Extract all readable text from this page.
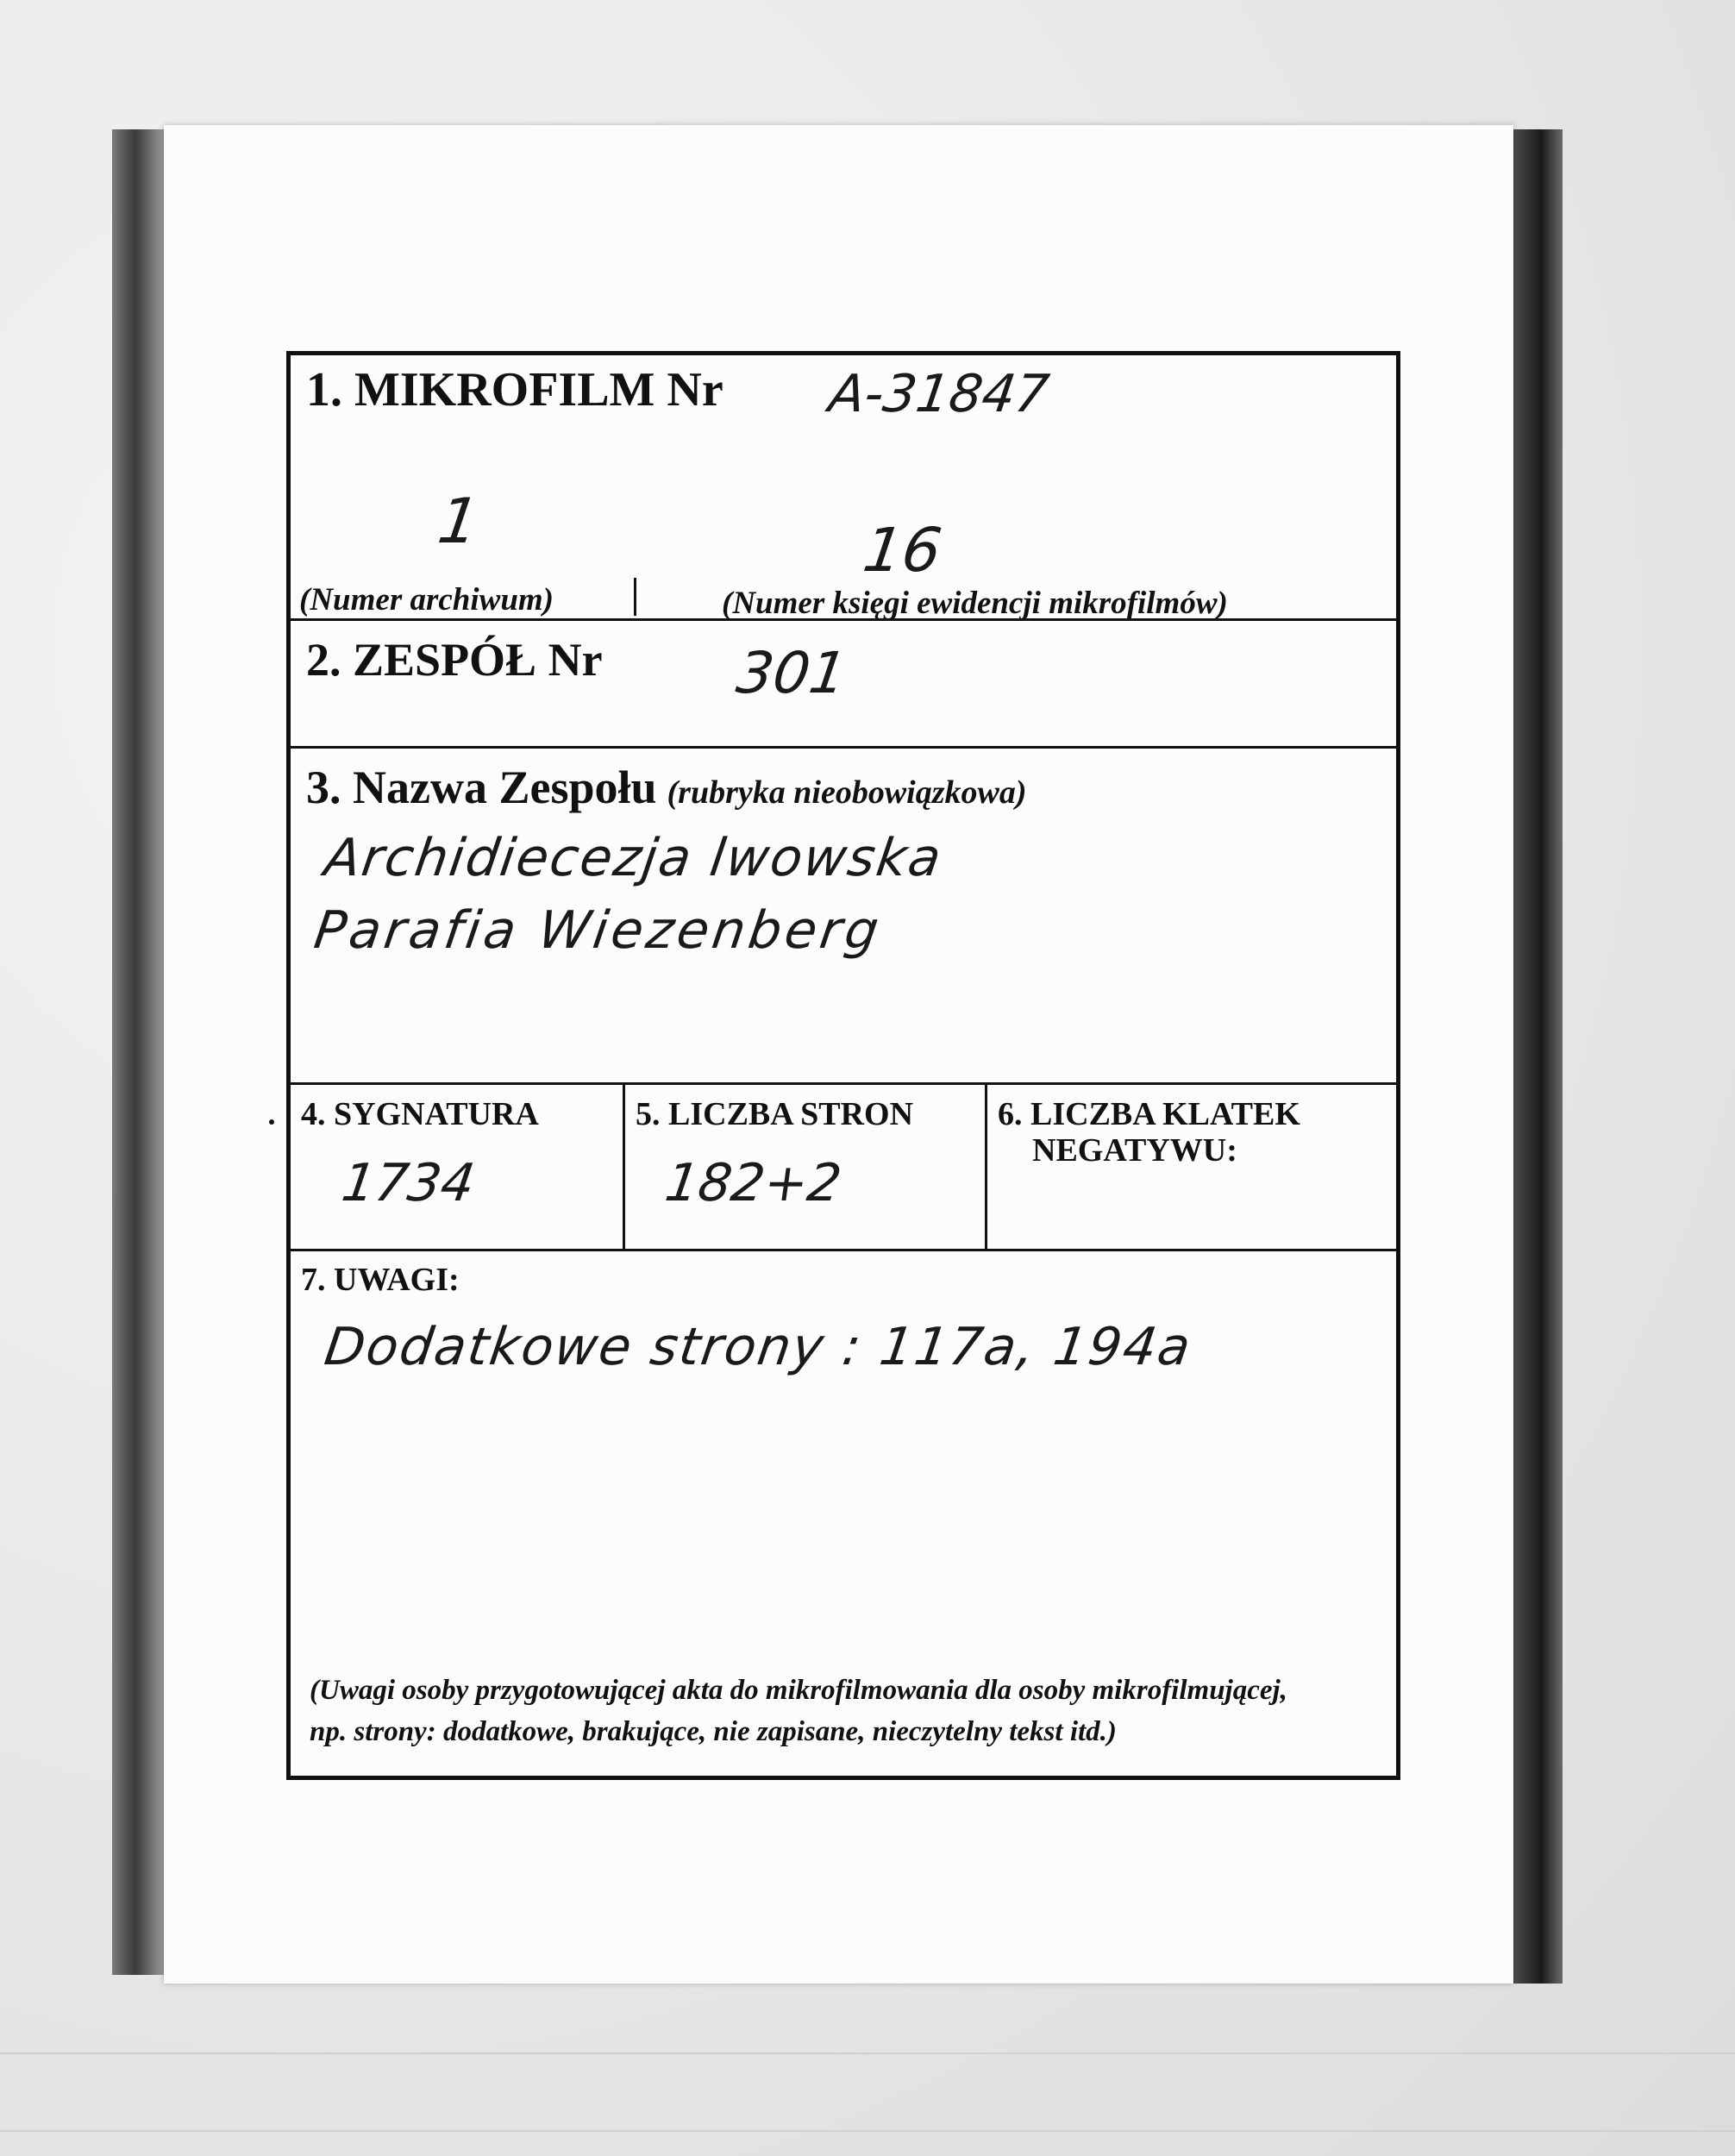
1. MIKROFILM Nr A-31847
1	16
(Numer archiwum)	(Numer księgi ewidencji mikrofilmów)
2. ZESPÓŁ Nr 301
3. Nazwa Zespołu (rubryka nieobowiązkowa)
Archidiecezja lwowska
Parafia Wiezenberg
4. SYGNATURA
1734
5. LICZBA STRON
182+2
6. LICZBA KLATEK
NEGATYWU:
7. UWAGI:
Dodatkowe strony : 117a, 194a
(Uwagi osoby przygotowującej akta do mikrofilmowania dla osoby mikrofilmującej,
np. strony: dodatkowe, brakujące, nie zapisane, nieczytelny tekst itd.)
